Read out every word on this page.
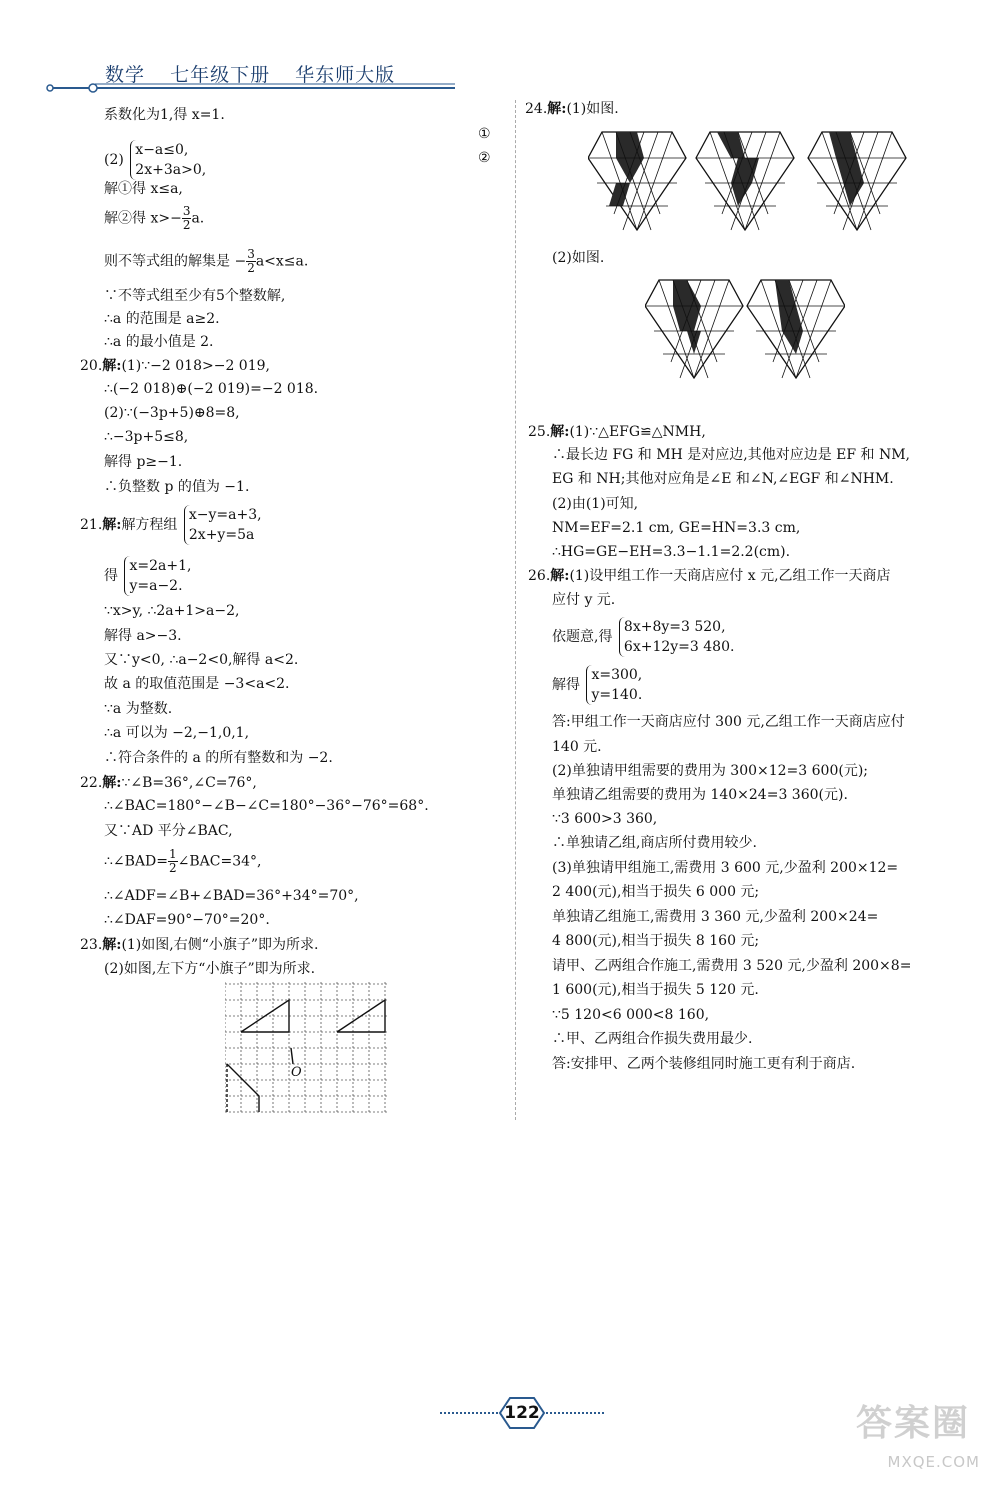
数学 七年级下册 华东师大版
①
②
系数化为1,得 x=1.
(2)
x−a≤0,
2x+3a>0,
解①得 x≤a,
解②得 $x>- \frac{3}{2} a$.
则不等式组的解集是 − $\frac{3}{2} a<x\le a$.
∵不等式组至少有5个整数解,
∴a 的范围是 a≥2.
∴a 的最小值是 2.
20.解:(1)∵−2 018>−2 019,
∴(−2 018)⊕(−2 019)=−2 018.
(2)∵(−3p+5)⊕8=8,
∴−3p+5≤8,
解得 p≥−1.
∴负整数 p 的值为 −1.
21.解:解方程组
x−y=a+3,
2x+y=5a
得
x=2a+1,
y=a−2.
∵x>y, ∴2a+1>a−2,
解得 a>−3.
又∵y<0, ∴a−2<0,解得 a<2.
故 a 的取值范围是 −3<a<2.
∵a 为整数.
∴a 可以为 −2,−1,0,1,
∴符合条件的 a 的所有整数和为 −2.
22.解:∵∠B=36°,∠C=76°,
∴∠BAC=180°−∠B−∠C=180°−36°−76°=68°.
又∵AD 平分∠BAC,
∴∠BAD= $\frac{1}{2}$ ∠BAC=34°,
∴∠ADF=∠B+∠BAD=36°+34°=70°,
∴∠DAF=90°−70°=20°.
23.解:(1)如图,右侧“小旗子”即为所求.
(2)如图,左下方“小旗子”即为所求.
O
24.解:(1)如图.
(2)如图.
25.解:(1)∵△EFG≌△NMH,
∴最长边 FG 和 MH 是对应边,其他对应边是 EF 和 NM,
EG 和 NH;其他对应角是∠E 和∠N,∠EGF 和∠NHM.
(2)由(1)可知,
NM=EF=2.1 cm, GE=HN=3.3 cm,
∴HG=GE−EH=3.3−1.1=2.2(cm).
26.解:(1)设甲组工作一天商店应付 x 元,乙组工作一天商店
应付 y 元.
依题意,得
8x+8y=3 520,
6x+12y=3 480.
解得
x=300,
y=140.
答:甲组工作一天商店应付 300 元,乙组工作一天商店应付
140 元.
(2)单独请甲组需要的费用为 300×12=3 600(元);
单独请乙组需要的费用为 140×24=3 360(元).
∵3 600>3 360,
∴单独请乙组,商店所付费用较少.
(3)单独请甲组施工,需费用 3 600 元,少盈利 200×12=
2 400(元),相当于损失 6 000 元;
单独请乙组施工,需费用 3 360 元,少盈利 200×24=
4 800(元),相当于损失 8 160 元;
请甲、乙两组合作施工,需费用 3 520 元,少盈利 200×8=
1 600(元),相当于损失 5 120 元.
∵5 120<6 000<8 160,
∴甲、乙两组合作损失费用最少.
答:安排甲、乙两个装修组同时施工更有利于商店.
122	答案圈
MXQE.COM
